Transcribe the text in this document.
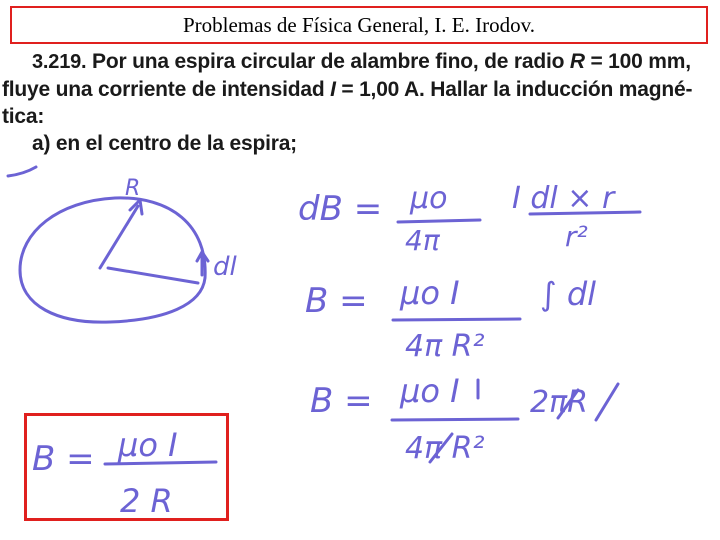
Problemas de Física General, I. E. Irodov.
3.219. Por una espira circular de alambre fino, de radio R = 100 mm,
fluye una corriente de intensidad I = 1,00 A. Hallar la inducción magné-
tica:
a) en el centro de la espira;
R
dl
dB = μo
4π
I dl × r
r²
B = μo I
4π R²
∫ dl
B = μo I
4π R²
2πR
B = μo I
2 R
